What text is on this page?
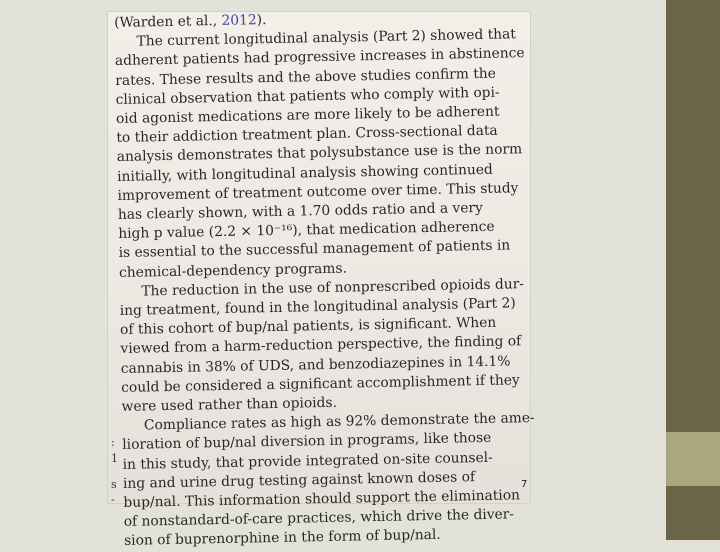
(Warden et al., 2012).

The current longitudinal analysis (Part 2) showed that

adherent patients had progressive increases in abstinence

rates. These results and the above studies confirm the

clinical observation that patients who comply with opi-

oid agonist medications are more likely to be adherent

to their addiction treatment plan. Cross-sectional data

analysis demonstrates that polysubstance use is the norm

initially, with longitudinal analysis showing continued

improvement of treatment outcome over time. This study

has clearly shown, with a 1.70 odds ratio and a very

high p value (2.2 × 10⁻¹⁶), that medication adherence

is essential to the successful management of patients in

chemical-dependency programs.

The reduction in the use of nonprescribed opioids dur-

ing treatment, found in the longitudinal analysis (Part 2)

of this cohort of bup/nal patients, is significant. When

viewed from a harm-reduction perspective, the finding of

cannabis in 38% of UDS, and benzodiazepines in 14.1%

could be considered a significant accomplishment if they

were used rather than opioids.

Compliance rates as high as 92% demonstrate the ame-

lioration of bup/nal diversion in programs, like those

in this study, that provide integrated on-site counsel-

ing and urine drug testing against known doses of

bup/nal. This information should support the elimination

of nonstandard-of-care practices, which drive the diver-

sion of buprenorphine in the form of bup/nal.

:
1
s
-
7
